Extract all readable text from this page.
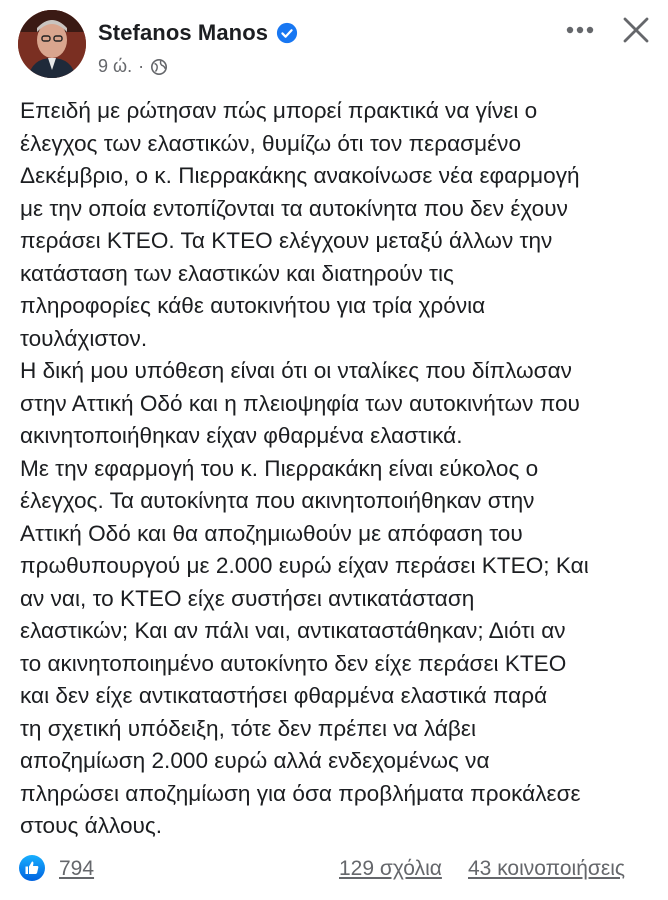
Stefanos Manos
9 ώ. ·

Επειδή με ρώτησαν πώς μπορεί πρακτικά να γίνει ο

έλεγχος των ελαστικών, θυμίζω ότι τον περασμένο

Δεκέμβριο, ο κ. Πιερρακάκης ανακοίνωσε νέα εφαρμογή

με την οποία εντοπίζονται τα αυτοκίνητα που δεν έχουν

περάσει ΚΤΕΟ. Τα ΚΤΕΟ ελέγχουν μεταξύ άλλων την

κατάσταση των ελαστικών και διατηρούν τις

πληροφορίες κάθε αυτοκινήτου για τρία χρόνια

τουλάχιστον.

Η δική μου υπόθεση είναι ότι οι νταλίκες που δίπλωσαν

στην Αττική Οδό και η πλειοψηφία των αυτοκινήτων που

ακινητοποιήθηκαν είχαν φθαρμένα ελαστικά.

Με την εφαρμογή του κ. Πιερρακάκη είναι εύκολος ο

έλεγχος. Τα αυτοκίνητα που ακινητοποιήθηκαν στην

Αττική Οδό και θα αποζημιωθούν με απόφαση του

πρωθυπουργού με 2.000 ευρώ είχαν περάσει ΚΤΕΟ; Και

αν ναι, το ΚΤΕΟ είχε συστήσει αντικατάσταση

ελαστικών; Και αν πάλι ναι, αντικαταστάθηκαν; Διότι αν

το ακινητοποιημένο αυτοκίνητο δεν είχε περάσει ΚΤΕΟ

και δεν είχε αντικαταστήσει φθαρμένα ελαστικά παρά

τη σχετική υπόδειξη, τότε δεν πρέπει να λάβει

αποζημίωση 2.000 ευρώ αλλά ενδεχομένως να

πληρώσει αποζημίωση για όσα προβλήματα προκάλεσε

στους άλλους.

794	129 σχόλια 43 κοινοποιήσεις
